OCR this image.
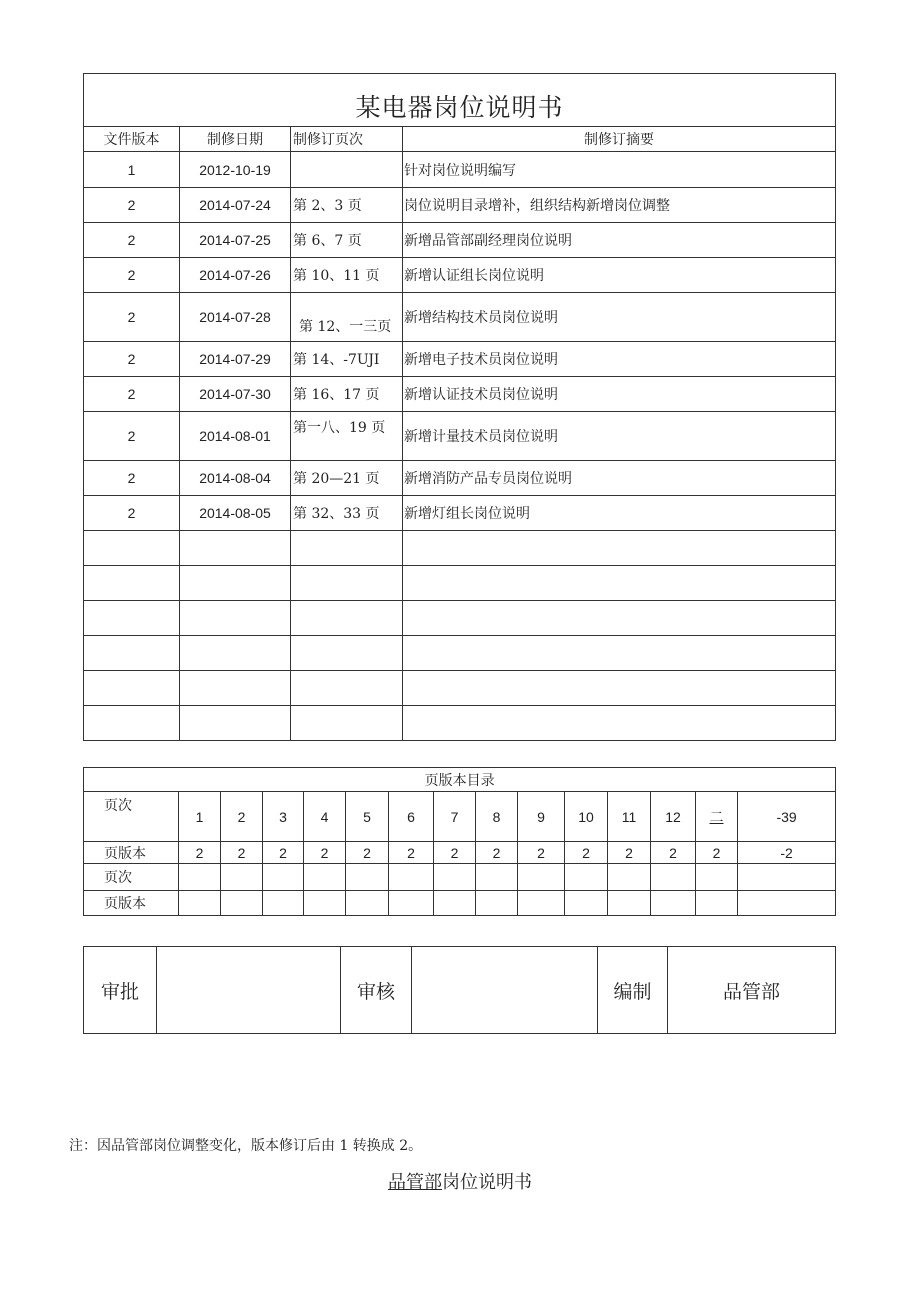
某电器岗位说明书			
文件版本	制修日期	制修订页次	制修订摘要
1	2012-10-19		针对岗位说明编写
2	2014-07-24	第 2、3 页	岗位说明目录增补，组织结构新增岗位调整
2	2014-07-25	第 6、7 页	新增品管部副经理岗位说明
2	2014-07-26	第 10、11 页	新增认证组长岗位说明
2	2014-07-28	第 12、一三页	新增结构技术员岗位说明
2	2014-07-29	第 14、-7UJI	新增电子技术员岗位说明
2	2014-07-30	第 16、17 页	新增认证技术员岗位说明
2	2014-08-01	第一八、19 页	新增计量技术员岗位说明
2	2014-08-04	第 20—21 页	新增消防产品专员岗位说明
2	2014-08-05	第 32、33 页	新增灯组长岗位说明

页版本目录														
页次	1	2	3	4	5	6	7	8	9	10	11	12	二	-39
页版本	2	2	2	2	2	2	2	2	2	2	2	2	2	-2
页次														
页版本														
审批		审核		编制	品管部
注：因品管部岗位调整变化，版本修订后由 1 转换成 2。
品管部岗位说明书
